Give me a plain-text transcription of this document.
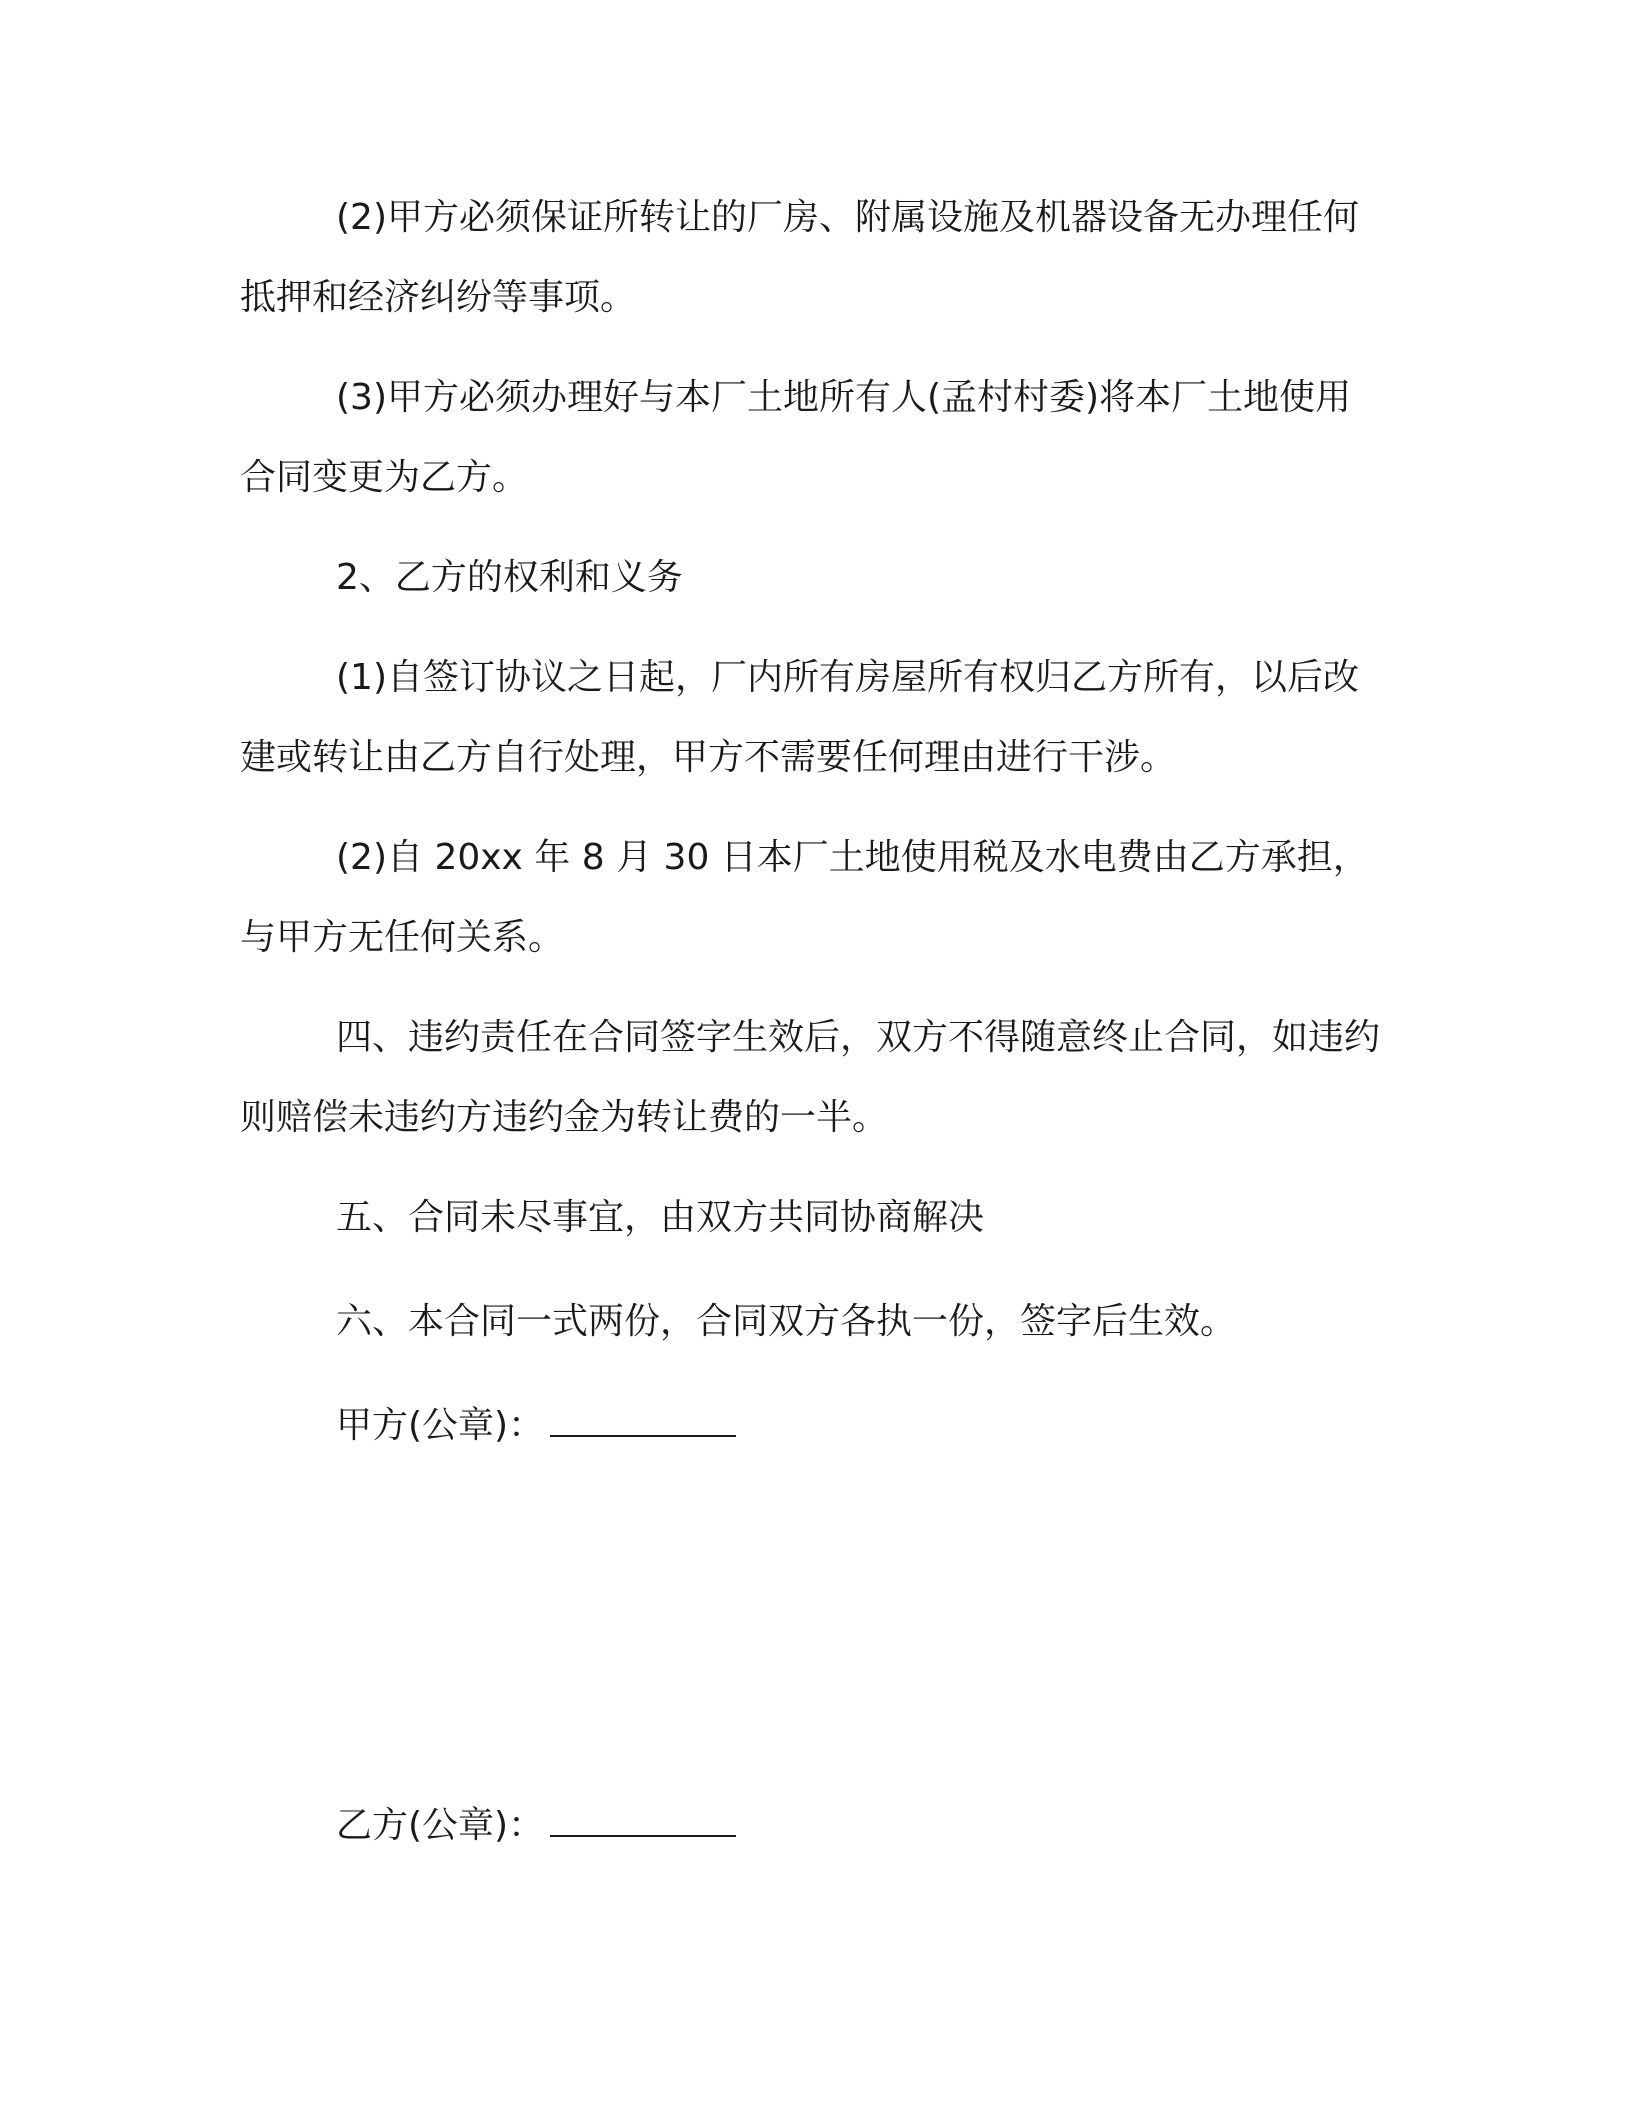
(2)甲方必须保证所转让的厂房、附属设施及机器设备无办理任何抵押和经济纠纷等事项。

(3)甲方必须办理好与本厂土地所有人(孟村村委)将本厂土地使用合同变更为乙方。

2、乙方的权利和义务

(1)自签订协议之日起，厂内所有房屋所有权归乙方所有，以后改建或转让由乙方自行处理，甲方不需要任何理由进行干涉。

(2)自 20xx 年 8 月 30 日本厂土地使用税及水电费由乙方承担，与甲方无任何关系。

四、违约责任在合同签字生效后，双方不得随意终止合同，如违约则赔偿未违约方违约金为转让费的一半。

五、合同未尽事宜，由双方共同协商解决

六、本合同一式两份，合同双方各执一份，签字后生效。

甲方(公章)：
乙方(公章)：
